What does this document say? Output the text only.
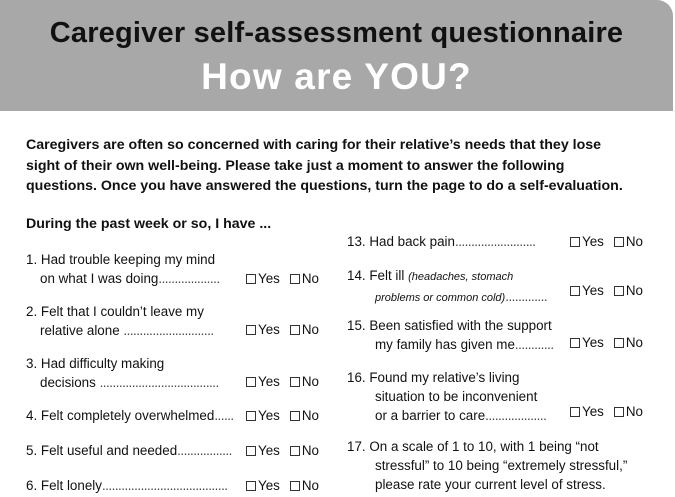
Caregiver self-assessment questionnaire
How are YOU?
Caregivers are often so concerned with caring for their relative’s needs that they lose
sight of their own well-being. Please take just a moment to answer the following
questions. Once you have answered the questions, turn the page to do a self-evaluation.
During the past week or so, I have ...
1. Had trouble keeping my mind
on what I was doing...................	Yes No
2. Felt that I couldn’t leave my
relative alone ............................	Yes No
3. Had difficulty making
decisions .....................................	Yes No
4. Felt completely overwhelmed......	Yes No
5. Felt useful and needed.................	Yes No
6. Felt lonely.......................................	Yes No
13. Had back pain.........................	Yes No
14. Felt ill (headaches, stomach
problems or common cold).............	Yes No
15. Been satisfied with the support
my family has given me............	Yes No
16. Found my relative’s living
situation to be inconvenient
or a barrier to care...................	Yes No
17. On a scale of 1 to 10, with 1 being “not
stressful” to 10 being “extremely stressful,”
please rate your current level of stress.
